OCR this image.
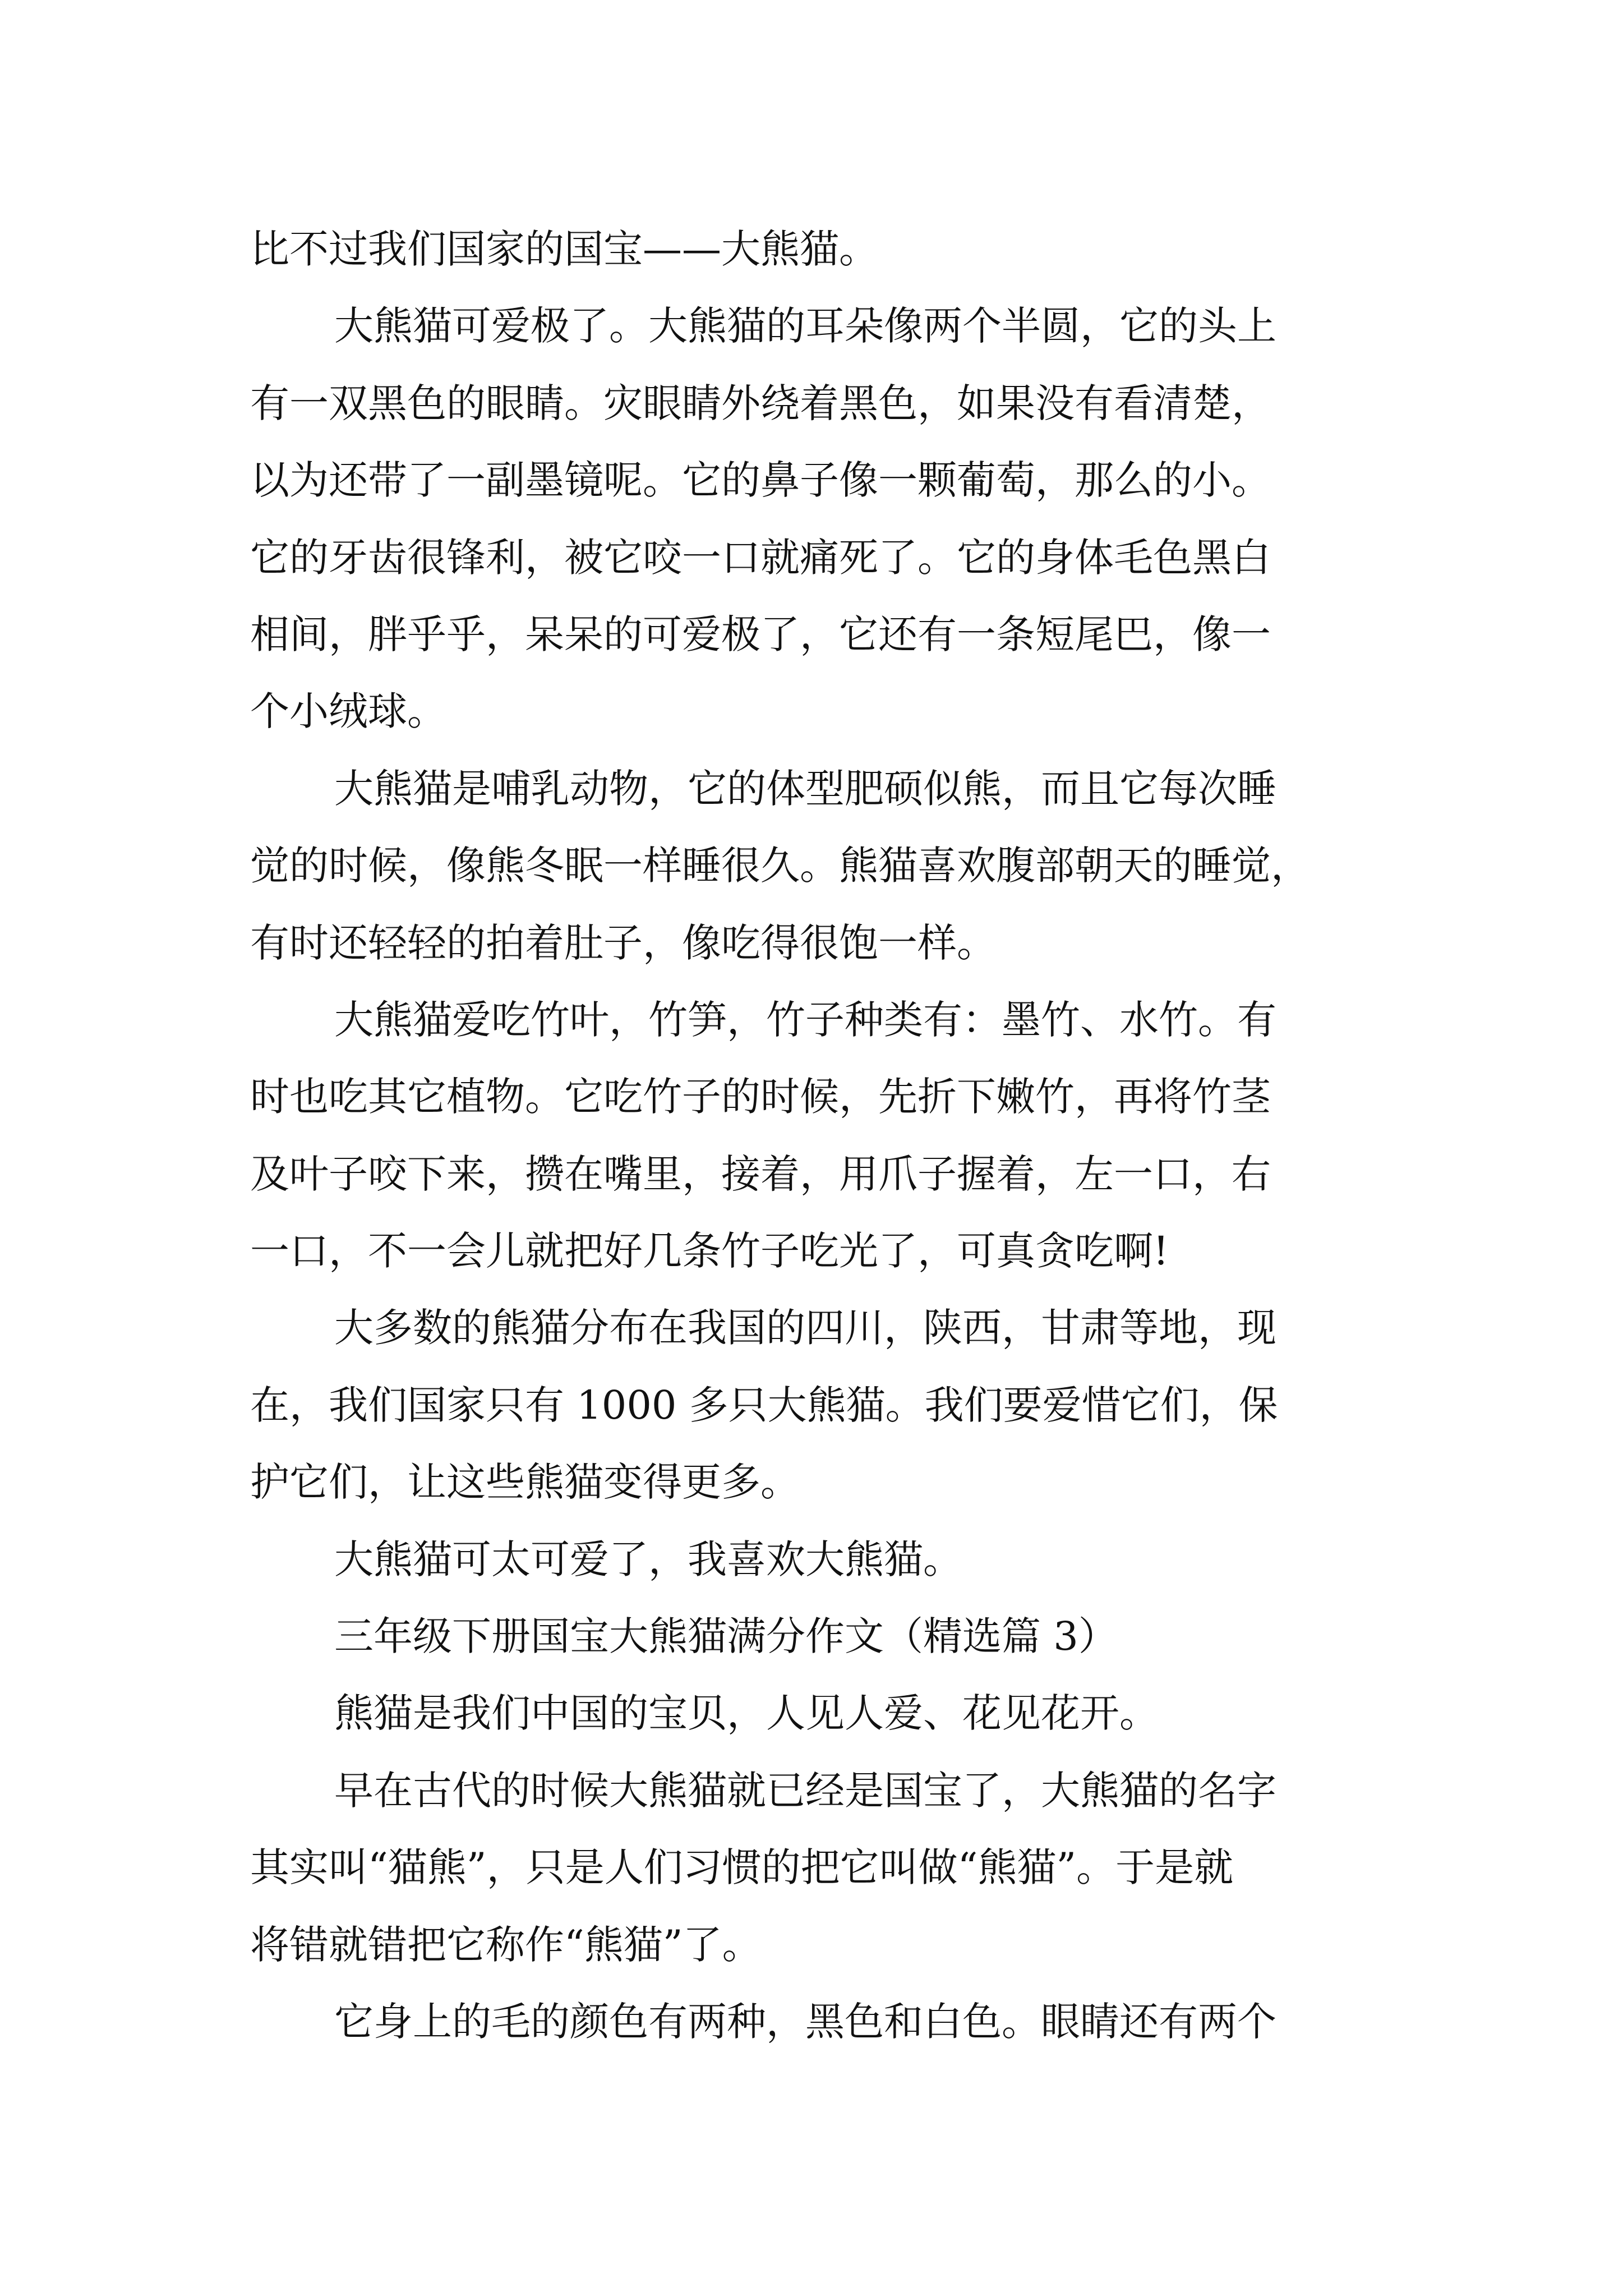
比不过我们国家的国宝——大熊猫。
大熊猫可爱极了。大熊猫的耳朵像两个半圆，它的头上
有一双黑色的眼睛。灾眼睛外绕着黑色，如果没有看清楚，
以为还带了一副墨镜呢。它的鼻子像一颗葡萄，那么的小。
它的牙齿很锋利，被它咬一口就痛死了。它的身体毛色黑白
相间，胖乎乎，呆呆的可爱极了，它还有一条短尾巴，像一
个小绒球。
大熊猫是哺乳动物，它的体型肥硕似熊，而且它每次睡
觉的时候，像熊冬眠一样睡很久。熊猫喜欢腹部朝天的睡觉，
有时还轻轻的拍着肚子，像吃得很饱一样。
大熊猫爱吃竹叶，竹笋，竹子种类有：墨竹、水竹。有
时也吃其它植物。它吃竹子的时候，先折下嫩竹，再将竹茎
及叶子咬下来，攒在嘴里，接着，用爪子握着，左一口，右
一口，不一会儿就把好几条竹子吃光了，可真贪吃啊!
大多数的熊猫分布在我国的四川，陕西，甘肃等地，现
在，我们国家只有 1000 多只大熊猫。我们要爱惜它们，保
护它们，让这些熊猫变得更多。
大熊猫可太可爱了，我喜欢大熊猫。
三年级下册国宝大熊猫满分作文（精选篇 3）
熊猫是我们中国的宝贝，人见人爱、花见花开。
早在古代的时候大熊猫就已经是国宝了，大熊猫的名字
其实叫“猫熊”，只是人们习惯的把它叫做“熊猫”。于是就
将错就错把它称作“熊猫”了。
它身上的毛的颜色有两种，黑色和白色。眼睛还有两个
